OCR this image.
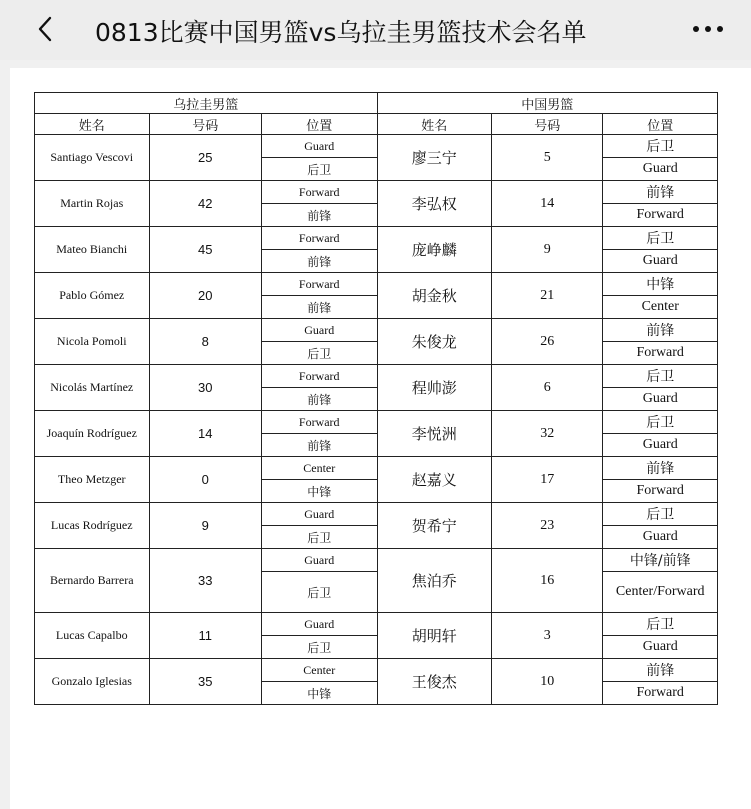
0813比赛中国男篮vs乌拉圭男篮技术会名单
乌拉圭男篮			中国男篮		
姓名	号码	位置	姓名	号码	位置
Santiago Vescovi	25	Guard	廖三宁	5	后卫
		后卫			Guard
Martin Rojas	42	Forward	李弘权	14	前锋
		前锋			Forward
Mateo Bianchi	45	Forward	庞峥麟	9	后卫
		前锋			Guard
Pablo Gómez	20	Forward	胡金秋	21	中锋
		前锋			Center
Nicola Pomoli	8	Guard	朱俊龙	26	前锋
		后卫			Forward
Nicolás Martínez	30	Forward	程帅澎	6	后卫
		前锋			Guard
Joaquín Rodríguez	14	Forward	李悦洲	32	后卫
		前锋			Guard
Theo Metzger	0	Center	赵嘉义	17	前锋
		中锋			Forward
Lucas Rodríguez	9	Guard	贺希宁	23	后卫
		后卫			Guard
Bernardo Barrera	33	Guard	焦泊乔	16	中锋/前锋
		后卫			Center/Forward
Lucas Capalbo	11	Guard	胡明轩	3	后卫
		后卫			Guard
Gonzalo Iglesias	35	Center	王俊杰	10	前锋
		中锋			Forward
